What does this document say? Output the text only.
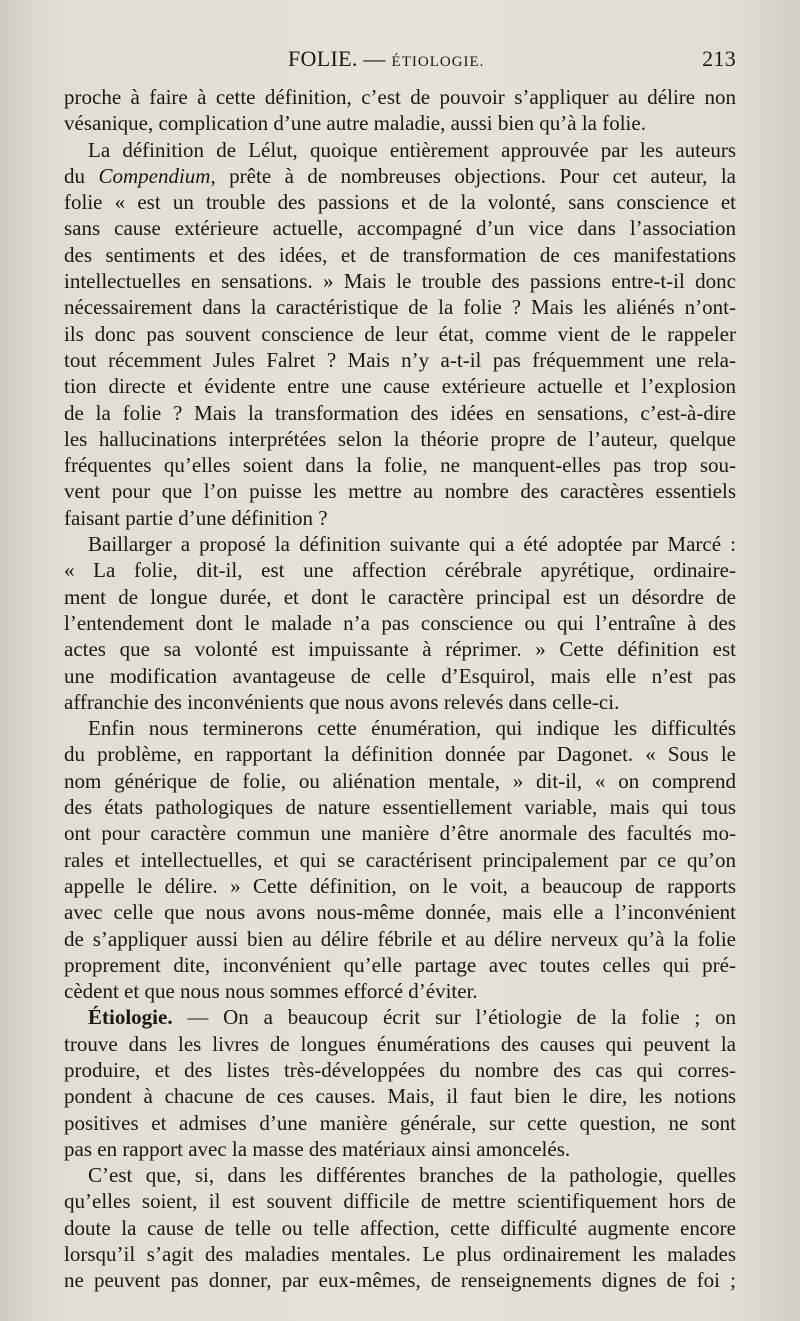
FOLIE. — ÉTIOLOGIE.	213
proche à faire à cette définition, c’est de pouvoir s’appliquer au délire non
vésanique, complication d’une autre maladie, aussi bien qu’à la folie.
La définition de Lélut, quoique entièrement approuvée par les auteurs
du Compendium, prête à de nombreuses objections. Pour cet auteur, la
folie « est un trouble des passions et de la volonté, sans conscience et
sans cause extérieure actuelle, accompagné d’un vice dans l’association
des sentiments et des idées, et de transformation de ces manifestations
intellectuelles en sensations. » Mais le trouble des passions entre-t-il donc
nécessairement dans la caractéristique de la folie ? Mais les aliénés n’ont-
ils donc pas souvent conscience de leur état, comme vient de le rappeler
tout récemment Jules Falret ? Mais n’y a-t-il pas fréquemment une rela-
tion directe et évidente entre une cause extérieure actuelle et l’explosion
de la folie ? Mais la transformation des idées en sensations, c’est-à-dire
les hallucinations interprétées selon la théorie propre de l’auteur, quelque
fréquentes qu’elles soient dans la folie, ne manquent-elles pas trop sou-
vent pour que l’on puisse les mettre au nombre des caractères essentiels
faisant partie d’une définition ?
Baillarger a proposé la définition suivante qui a été adoptée par Marcé :
« La folie, dit-il, est une affection cérébrale apyrétique, ordinaire-
ment de longue durée, et dont le caractère principal est un désordre de
l’entendement dont le malade n’a pas conscience ou qui l’entraîne à des
actes que sa volonté est impuissante à réprimer. » Cette définition est
une modification avantageuse de celle d’Esquirol, mais elle n’est pas
affranchie des inconvénients que nous avons relevés dans celle-ci.
Enfin nous terminerons cette énumération, qui indique les difficultés
du problème, en rapportant la définition donnée par Dagonet. « Sous le
nom générique de folie, ou aliénation mentale, » dit-il, « on comprend
des états pathologiques de nature essentiellement variable, mais qui tous
ont pour caractère commun une manière d’être anormale des facultés mo-
rales et intellectuelles, et qui se caractérisent principalement par ce qu’on
appelle le délire. » Cette définition, on le voit, a beaucoup de rapports
avec celle que nous avons nous-même donnée, mais elle a l’inconvénient
de s’appliquer aussi bien au délire fébrile et au délire nerveux qu’à la folie
proprement dite, inconvénient qu’elle partage avec toutes celles qui pré-
cèdent et que nous nous sommes efforcé d’éviter.
Étiologie. — On a beaucoup écrit sur l’étiologie de la folie ; on
trouve dans les livres de longues énumérations des causes qui peuvent la
produire, et des listes très-développées du nombre des cas qui corres-
pondent à chacune de ces causes. Mais, il faut bien le dire, les notions
positives et admises d’une manière générale, sur cette question, ne sont
pas en rapport avec la masse des matériaux ainsi amoncelés.
C’est que, si, dans les différentes branches de la pathologie, quelles
qu’elles soient, il est souvent difficile de mettre scientifiquement hors de
doute la cause de telle ou telle affection, cette difficulté augmente encore
lorsqu’il s’agit des maladies mentales. Le plus ordinairement les malades
ne peuvent pas donner, par eux-mêmes, de renseignements dignes de foi ;
